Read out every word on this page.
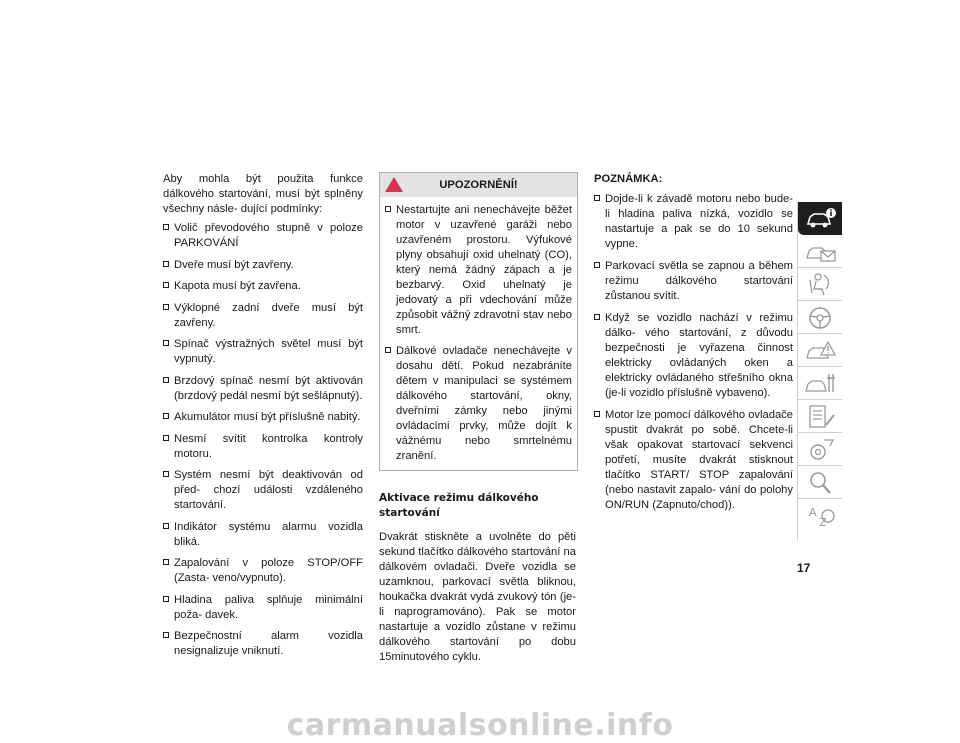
Aby mohla být použita funkce dálkového startování, musí být splněny všechny násle- dující podmínky:

Volič převodového stupně v poloze PARKOVÁNÍ
Dveře musí být zavřeny.
Kapota musí být zavřena.
Výklopné zadní dveře musí být zavřeny.
Spínač výstražných světel musí být vypnutý.
Brzdový spínač nesmí být aktivován (brzdový pedál nesmí být sešlápnutý).
Akumulátor musí být příslušně nabitý.
Nesmí svítit kontrolka kontroly motoru.
Systém nesmí být deaktivován od před- chozí události vzdáleného startování.
Indikátor systému alarmu vozidla bliká.
Zapalování v poloze STOP/OFF (Zasta- veno/vypnuto).
Hladina paliva splňuje minimální poža- davek.
Bezpečnostní alarm vozidla nesignalizuje vniknutí.
UPOZORNĚNÍ!
Nestartujte ani nenechávejte běžet motor v uzavřené garáži nebo uzavřeném prostoru. Výfukové plyny obsahují oxid uhelnatý (CO), který nemá žádný zápach a je bezbarvý. Oxid uhelnatý je jedovatý a při vdechování může způsobit vážný zdravotní stav nebo smrt.
Dálkové ovladače nenechávejte v dosahu dětí. Pokud nezabráníte dětem v manipulaci se systémem dálkového startování, okny, dveřními zámky nebo jinými ovládacími prvky, může dojít k vážnému nebo smrtelnému zranění.
Aktivace režimu dálkového startování

Dvakrát stiskněte a uvolněte do pěti sekund tlačítko dálkového startování na dálkovém ovladači. Dveře vozidla se uzamknou, parkovací světla bliknou, houkačka dvakrát vydá zvukový tón (je-li naprogramováno). Pak se motor nastartuje a vozidlo zůstane v režimu dálkového startování po dobu 15minutového cyklu.

POZNÁMKA:
Dojde-li k závadě motoru nebo bude-li hladina paliva nízká, vozidlo se nastartuje a pak se do 10 sekund vypne.
Parkovací světla se zapnou a během režimu dálkového startování zůstanou svítit.
Když se vozidlo nachází v režimu dálko- vého startování, z důvodu bezpečnosti je vyřazena činnost elektricky ovládaných oken a elektricky ovládaného střešního okna (je-li vozidlo příslušně vybaveno).
Motor lze pomocí dálkového ovladače spustit dvakrát po sobě. Chcete-li však opakovat startovací sekvenci potřetí, musíte dvakrát stisknout tlačítko START/ STOP zapalování (nebo nastavit zapalo- vání do polohy ON/RUN (Zapnuto/chod)).
A
Z
17
carmanualsonline.info
